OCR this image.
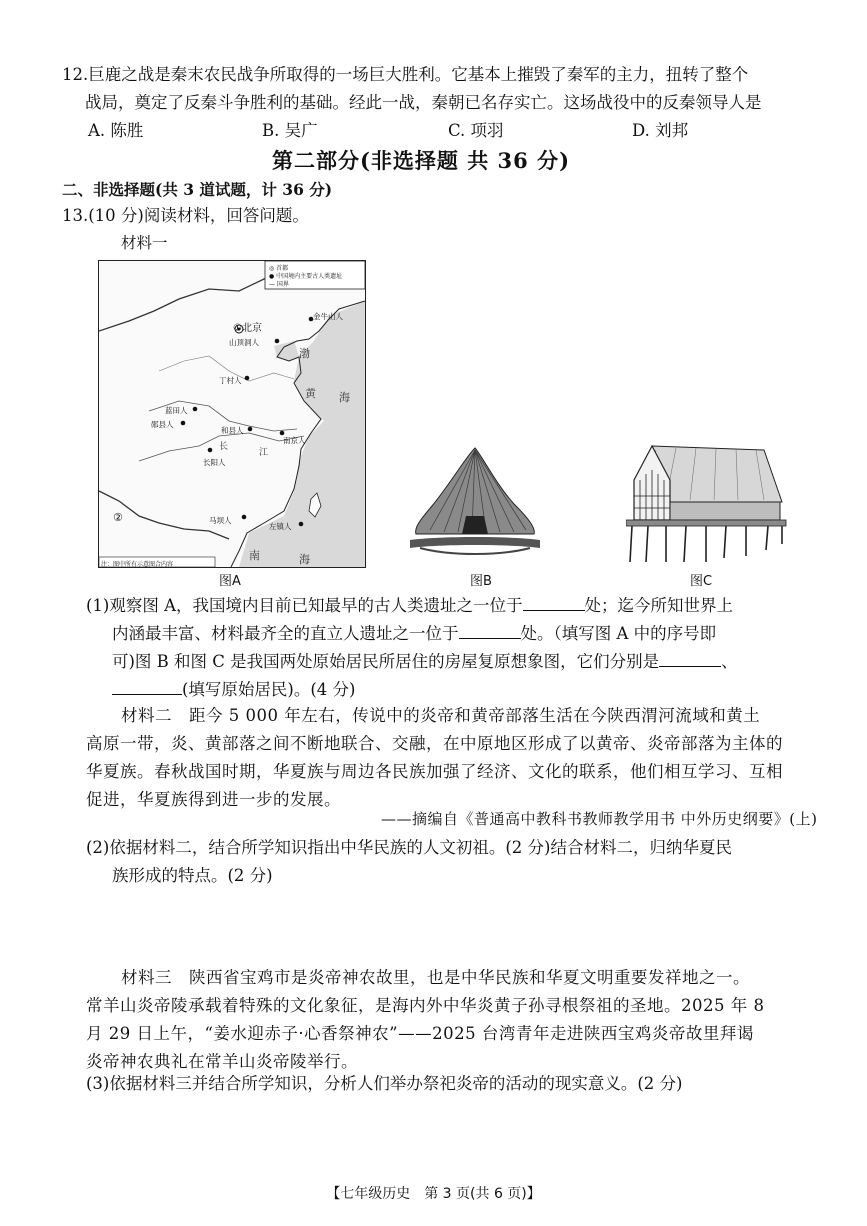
12.巨鹿之战是秦末农民战争所取得的一场巨大胜利。它基本上摧毁了秦军的主力，扭转了整个
战局，奠定了反秦斗争胜利的基础。经此一战，秦朝已名存实亡。这场战役中的反秦领导人是
A. 陈胜	B. 吴广	C. 项羽	D. 刘邦
第二部分(非选择题 共 36 分)
二、非选择题(共 3 道试题，计 36 分)
13.(10 分)阅读材料，回答问题。
材料一
◎ 首都
● 中国境内主要古人类遗址
— 国界
金牛山人
①北京
山顶洞人
丁村人
蓝田人
郧县人
和县人
南京人
长阳人
马坝人
左镇人
②
渤
黄 海
长
江
南	海
注：图中所有示意图合内容
图A	图B	图C
(1)观察图 A，我国境内目前已知最早的古人类遗址之一位于	处；迄今所知世界上
内涵最丰富、材料最齐全的直立人遗址之一位于	处。（填写图 A 中的序号即
可)图 B 和图 C 是我国两处原始居民所居住的房屋复原想象图，它们分别是	、
(填写原始居民)。(4 分)
材料二　距今 5 000 年左右，传说中的炎帝和黄帝部落生活在今陕西渭河流域和黄土
高原一带，炎、黄部落之间不断地联合、交融，在中原地区形成了以黄帝、炎帝部落为主体的
华夏族。春秋战国时期，华夏族与周边各民族加强了经济、文化的联系，他们相互学习、互相
促进，华夏族得到进一步的发展。
——摘编自《普通高中教科书教师教学用书 中外历史纲要》(上)
(2)依据材料二，结合所学知识指出中华民族的人文初祖。(2 分)结合材料二，归纳华夏民
族形成的特点。(2 分)
材料三　陕西省宝鸡市是炎帝神农故里，也是中华民族和华夏文明重要发祥地之一。
常羊山炎帝陵承载着特殊的文化象征，是海内外中华炎黄子孙寻根祭祖的圣地。2025 年 8
月 29 日上午，“姜水迎赤子·心香祭神农”——2025 台湾青年走进陕西宝鸡炎帝故里拜谒
炎帝神农典礼在常羊山炎帝陵举行。
(3)依据材料三并结合所学知识，分析人们举办祭祀炎帝的活动的现实意义。(2 分)
【七年级历史　第 3 页(共 6 页)】
